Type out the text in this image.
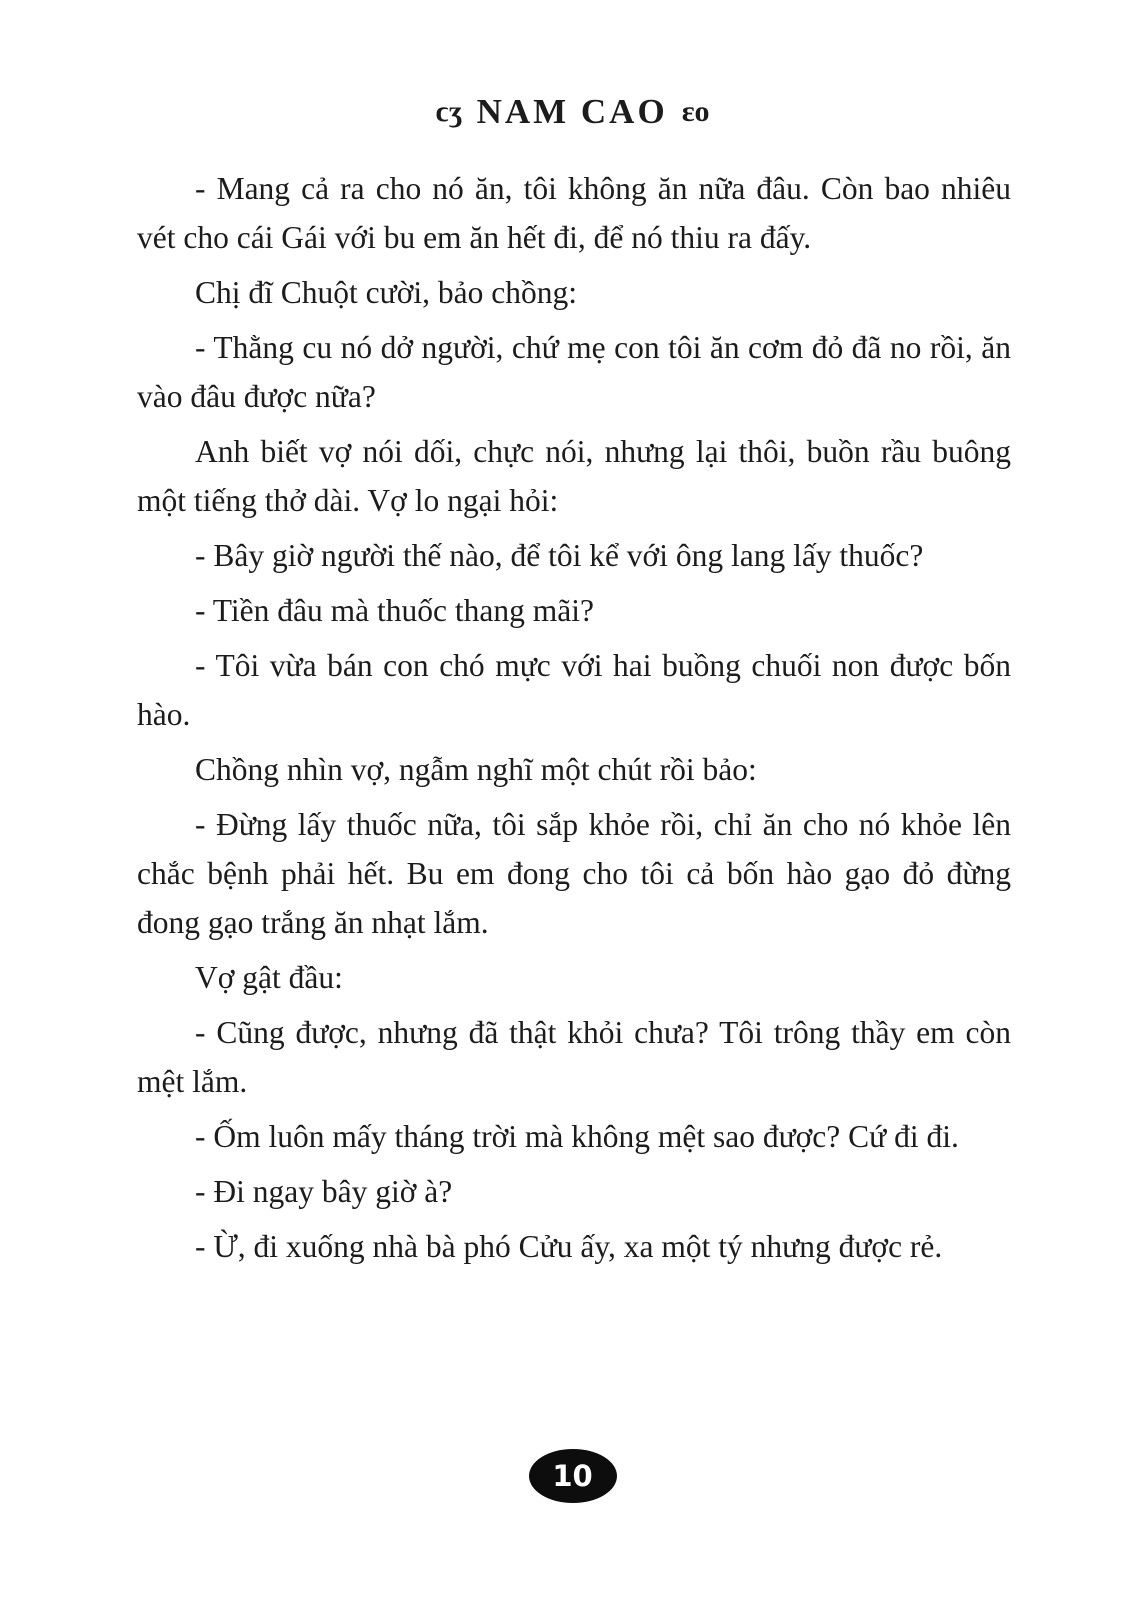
ϲʒ NAM CAO ɛᴏ

- Mang cả ra cho nó ăn, tôi không ăn nữa đâu. Còn bao nhiêu vét cho cái Gái với bu em ăn hết đi, để nó thiu ra đấy.

Chị đĩ Chuột cười, bảo chồng:

- Thằng cu nó dở người, chứ mẹ con tôi ăn cơm đỏ đã no rồi, ăn vào đâu được nữa?

Anh biết vợ nói dối, chực nói, nhưng lại thôi, buồn rầu buông một tiếng thở dài. Vợ lo ngại hỏi:

- Bây giờ người thế nào, để tôi kể với ông lang lấy thuốc?

- Tiền đâu mà thuốc thang mãi?

- Tôi vừa bán con chó mực với hai buồng chuối non được bốn hào.

Chồng nhìn vợ, ngẫm nghĩ một chút rồi bảo:

- Đừng lấy thuốc nữa, tôi sắp khỏe rồi, chỉ ăn cho nó khỏe lên chắc bệnh phải hết. Bu em đong cho tôi cả bốn hào gạo đỏ đừng đong gạo trắng ăn nhạt lắm.

Vợ gật đầu:

- Cũng được, nhưng đã thật khỏi chưa? Tôi trông thầy em còn mệt lắm.

- Ốm luôn mấy tháng trời mà không mệt sao được? Cứ đi đi.

- Đi ngay bây giờ à?

- Ừ, đi xuống nhà bà phó Cửu ấy, xa một tý nhưng được rẻ.

10
